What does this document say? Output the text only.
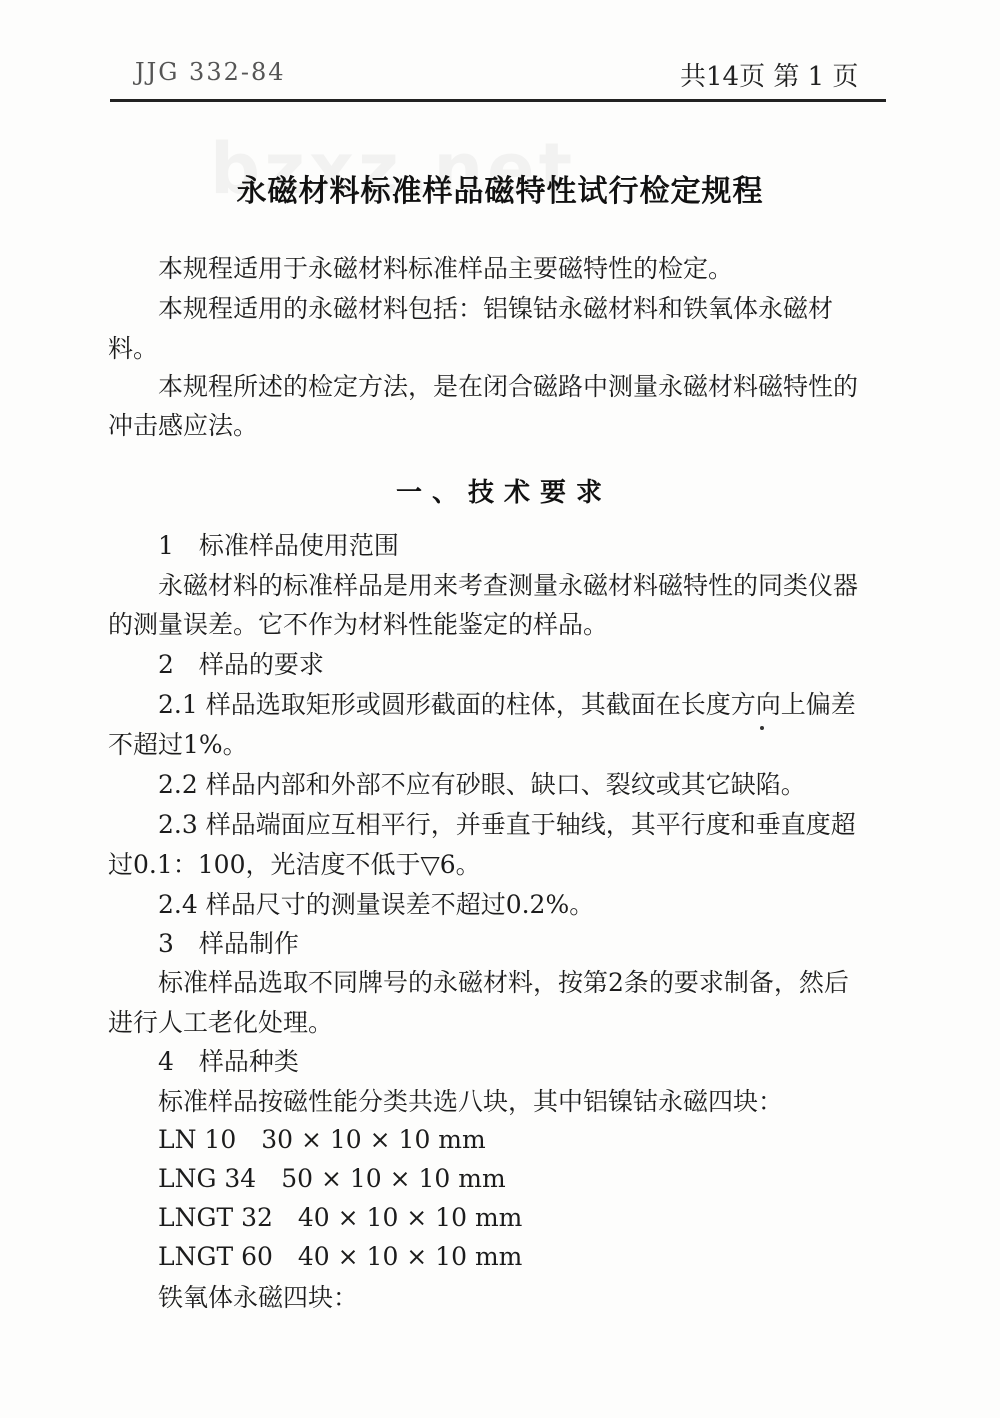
JJG 332-84	共14页 第 1 页
永磁材料标准样品磁特性试行检定规程
本规程适用于永磁材料标准样品主要磁特性的检定。
本规程适用的永磁材料包括：铝镍钴永磁材料和铁氧体永磁材
料。
本规程所述的检定方法，是在闭合磁路中测量永磁材料磁特性的
冲击感应法。
一、技术要求
1　标准样品使用范围
永磁材料的标准样品是用来考查测量永磁材料磁特性的同类仪器
的测量误差。它不作为材料性能鉴定的样品。
2　样品的要求
2.1 样品选取矩形或圆形截面的柱体，其截面在长度方向上偏差
不超过1%。
2.2 样品内部和外部不应有砂眼、缺口、裂纹或其它缺陷。
2.3 样品端面应互相平行，并垂直于轴线，其平行度和垂直度超
过0.1：100，光洁度不低于▽6。
2.4 样品尺寸的测量误差不超过0.2%。
3　样品制作
标准样品选取不同牌号的永磁材料，按第2条的要求制备，然后
进行人工老化处理。
4　样品种类
标准样品按磁性能分类共选八块，其中铝镍钴永磁四块：
LN 10　30 × 10 × 10 mm
LNG 34　50 × 10 × 10 mm
LNGT 32　40 × 10 × 10 mm
LNGT 60　40 × 10 × 10 mm
铁氧体永磁四块：
